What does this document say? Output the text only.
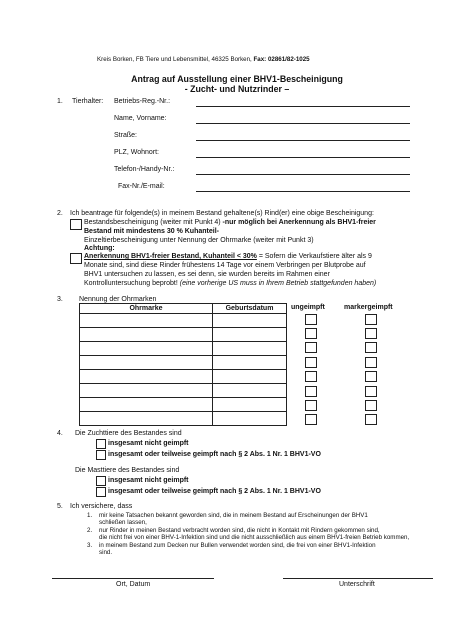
Kreis Borken, FB Tiere und Lebensmittel, 46325 Borken, Fax: 02861/82-1025
Antrag auf Ausstellung einer BHV1-Bescheinigung
- Zucht- und Nutzrinder –
1. Tierhalter: Betriebs-Reg.-Nr.:
Name, Vorname:
Straße:
PLZ, Wohnort:
Telefon-/Handy-Nr.:
Fax-Nr./E-mail:
2. Ich beantrage für folgende(s) in meinem Bestand gehaltene(s) Rind(er) eine obige Bescheinigung:
Bestandsbescheinigung (weiter mit Punkt 4) -nur möglich bei Anerkennung als BHV1-freier
Bestand mit mindestens 30 % Kuhanteil-
Einzeltierbescheinigung unter Nennung der Ohrmarke (weiter mit Punkt 3)
Achtung:
Anerkennung BHV1-freier Bestand, Kuhanteil < 30% = Sofern die Verkaufstiere älter als 9
Monate sind, sind diese Rinder frühestens 14 Tage vor einem Verbringen per Blutprobe auf
BHV1 untersuchen zu lassen, es sei denn, sie wurden bereits im Rahmen einer
Kontrolluntersuchung beprobt! (eine vorherige US muss in Ihrem Betrieb stattgefunden haben)
3. Nennung der Ohrmarken
Ohrmarke	Geburtsdatum

		ungeimpft	markergeimpft
4. Die Zuchttiere des Bestandes sind
insgesamt nicht geimpft
insgesamt oder teilweise geimpft nach § 2 Abs. 1 Nr. 1 BHV1-VO
Die Masttiere des Bestandes sind
insgesamt nicht geimpft
insgesamt oder teilweise geimpft nach § 2 Abs. 1 Nr. 1 BHV1-VO
5. Ich versichere, dass
1. mir keine Tatsachen bekannt geworden sind, die in meinem Bestand auf Erscheinungen der BHV1
schließen lassen,
2. nur Rinder in meinen Bestand verbracht worden sind, die nicht in Kontakt mit Rindern gekommen sind,
die nicht frei von einer BHV-1-Infektion sind und die nicht ausschließlich aus einem BHV1-freien Betrieb kommen,
3. in meinem Bestand zum Decken nur Bullen verwendet worden sind, die frei von einer BHV1-Infektion
sind.
Ort, Datum	Unterschrift
